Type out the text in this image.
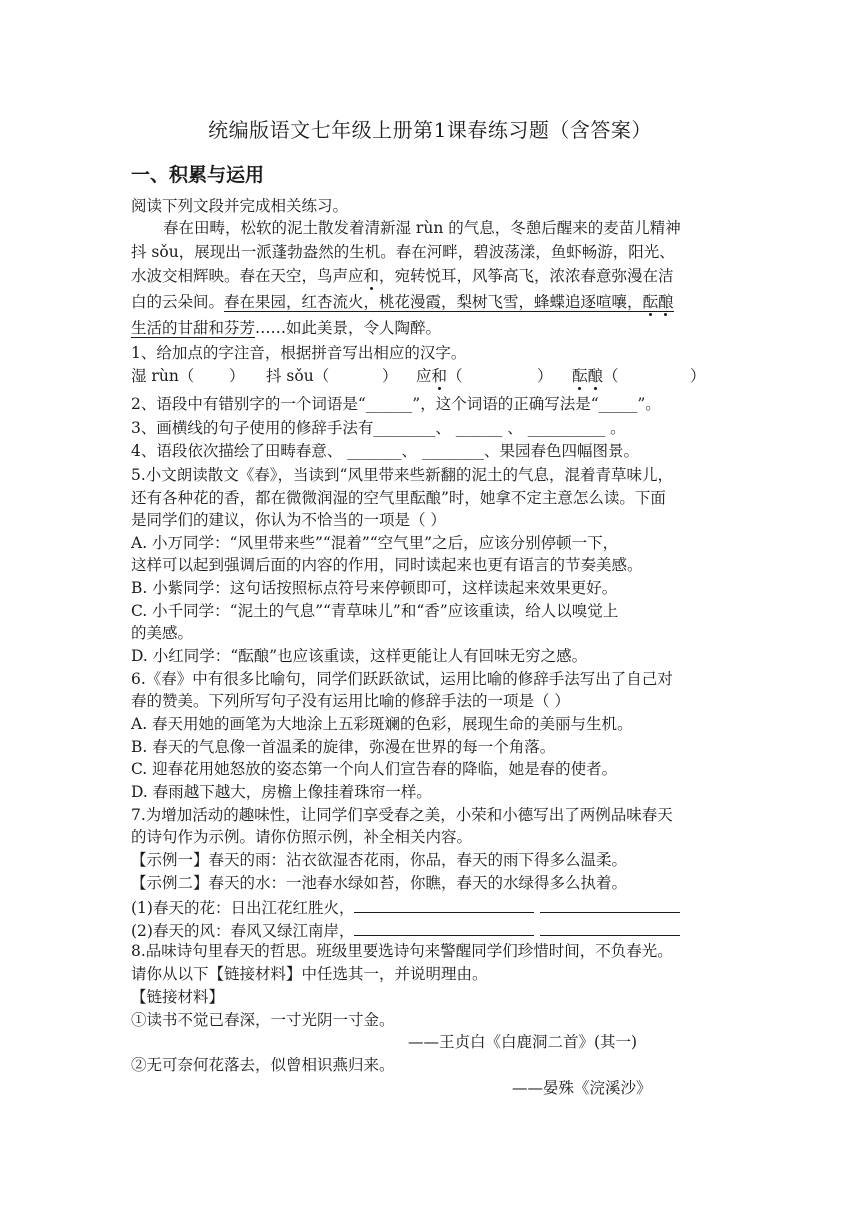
统编版语文七年级上册第1课春练习题（含答案）
一、积累与运用
阅读下列文段并完成相关练习。
春在田畴，松软的泥土散发着清新湿 rùn 的气息，冬憩后醒来的麦苗儿精神
抖 sǒu，展现出一派蓬勃盎然的生机。春在河畔，碧波荡漾，鱼虾畅游，阳光、
水波交相辉映。春在天空，鸟声应和，宛转悦耳，风筝高飞，浓浓春意弥漫在洁
白的云朵间。春在果园，红杏流火，桃花漫霞，梨树飞雪，蜂蝶追逐喧嚷，酝酿
生活的甘甜和芬芳……如此美景，令人陶醉。
1、给加点的字注音，根据拼音写出相应的汉字。
湿 rùn（ ） 抖 sǒu（	） 应和（	） 酝酿（	）
2、语段中有错别字的一个词语是“______”，这个词语的正确写法是“_____”。
3、画横线的句子使用的修辞手法有________、 ______ 、 __________ 。
4、语段依次描绘了田畴春意、 _______、 ________、果园春色四幅图景。
5.小文朗读散文《春》，当读到“风里带来些新翻的泥土的气息，混着青草味儿，
还有各种花的香，都在微微润湿的空气里酝酿”时，她拿不定主意怎么读。下面
是同学们的建议，你认为不恰当的一项是（ ）
A. 小万同学：“风里带来些”“混着”“空气里”之后，应该分别停顿一下，
这样可以起到强调后面的内容的作用，同时读起来也更有语言的节奏美感。
B. 小紫同学：这句话按照标点符号来停顿即可，这样读起来效果更好。
C. 小千同学：“泥土的气息”“青草味儿”和“香”应该重读，给人以嗅觉上
的美感。
D. 小红同学：“酝酿”也应该重读，这样更能让人有回味无穷之感。
6.《春》中有很多比喻句，同学们跃跃欲试，运用比喻的修辞手法写出了自己对
春的赞美。下列所写句子没有运用比喻的修辞手法的一项是（ ）
A. 春天用她的画笔为大地涂上五彩斑斓的色彩，展现生命的美丽与生机。
B. 春天的气息像一首温柔的旋律，弥漫在世界的每一个角落。
C. 迎春花用她怒放的姿态第一个向人们宣告春的降临，她是春的使者。
D. 春雨越下越大，房檐上像挂着珠帘一样。
7.为增加活动的趣味性，让同学们享受春之美，小荣和小德写出了两例品味春天
的诗句作为示例。请你仿照示例，补全相关内容。
【示例一】春天的雨：沾衣欲湿杏花雨，你品，春天的雨下得多么温柔。
【示例二】春天的水：一池春水绿如苔，你瞧，春天的水绿得多么执着。
(1)春天的花：日出江花红胜火，
(2)春天的风：春风又绿江南岸，
8.品味诗句里春天的哲思。班级里要选诗句来警醒同学们珍惜时间，不负春光。
请你从以下【链接材料】中任选其一，并说明理由。
【链接材料】
①读书不觉已春深，一寸光阴一寸金。
——王贞白《白鹿洞二首》(其一)
②无可奈何花落去，似曾相识燕归来。
——晏殊《浣溪沙》
